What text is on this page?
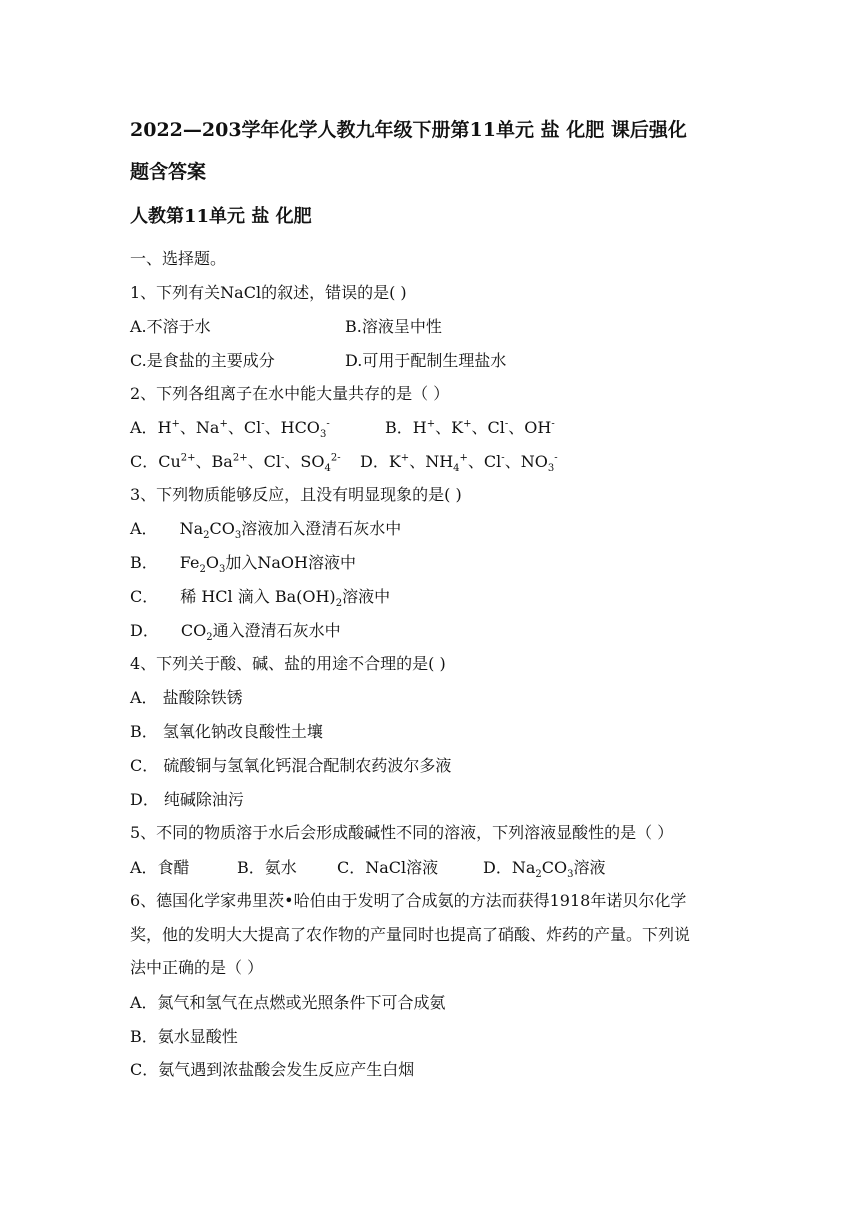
2022—203学年化学人教九年级下册第11单元 盐 化肥 课后强化
题含答案
人教第11单元 盐 化肥
一、选择题。
1、下列有关NaCl的叙述，错误的是( )
A.不溶于水	B.溶液呈中性
C.是食盐的主要成分	D.可用于配制生理盐水
2、下列各组离子在水中能大量共存的是（ ）
A．H+、Na+、Cl-、$HCO_3^-$	B．H+、K+、Cl-、OH-
C．$Cu^{2+}$、$Ba^{2+}$、Cl-、$SO_4^{2-}$ D．K+、$NH_4^+$、Cl-、$NO_3^-$
3、下列物质能够反应，且没有明显现象的是( )
A． $Na_2CO_3$溶液加入澄清石灰水中
B． $Fe_2O_3$加入NaOH溶液中
C． 稀 HCl 滴入 $Ba(OH)_2$溶液中
D． $CO_2$通入澄清石灰水中
4、下列关于酸、碱、盐的用途不合理的是( )
A． 盐酸除铁锈
B． 氢氧化钠改良酸性土壤
C． 硫酸铜与氢氧化钙混合配制农药波尔多液
D． 纯碱除油污
5、不同的物质溶于水后会形成酸碱性不同的溶液，下列溶液显酸性的是（ ）
A．食醋	B．氨水	C．NaCl溶液	D．$Na_2CO_3$溶液
6、德国化学家弗里茨•哈伯由于发明了合成氨的方法而获得1918年诺贝尔化学
奖，他的发明大大提高了农作物的产量同时也提高了硝酸、炸药的产量。下列说
法中正确的是（ ）
A．氮气和氢气在点燃或光照条件下可合成氨
B．氨水显酸性
C．氨气遇到浓盐酸会发生反应产生白烟
